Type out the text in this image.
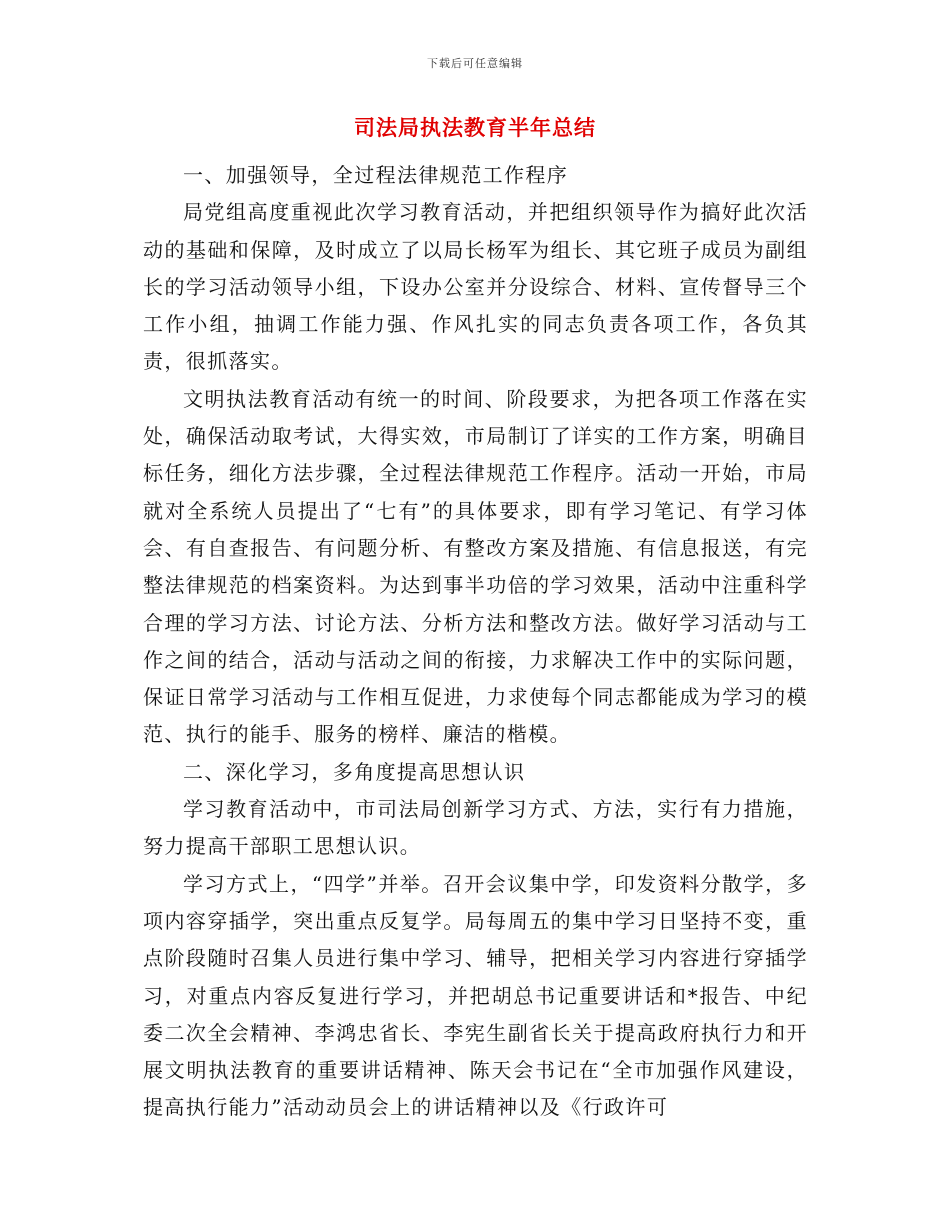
下载后可任意编辑
司法局执法教育半年总结

一、加强领导，全过程法律规范工作程序

局党组高度重视此次学习教育活动，并把组织领导作为搞好此次活动的基础和保障，及时成立了以局长杨军为组长、其它班子成员为副组长的学习活动领导小组，下设办公室并分设综合、材料、宣传督导三个工作小组，抽调工作能力强、作风扎实的同志负责各项工作，各负其责，很抓落实。

文明执法教育活动有统一的时间、阶段要求，为把各项工作落在实处，确保活动取考试，大得实效，市局制订了详实的工作方案，明确目标任务，细化方法步骤，全过程法律规范工作程序。活动一开始，市局就对全系统人员提出了“七有”的具体要求，即有学习笔记、有学习体会、有自查报告、有问题分析、有整改方案及措施、有信息报送，有完整法律规范的档案资料。为达到事半功倍的学习效果，活动中注重科学合理的学习方法、讨论方法、分析方法和整改方法。做好学习活动与工作之间的结合，活动与活动之间的衔接，力求解决工作中的实际问题，保证日常学习活动与工作相互促进，力求使每个同志都能成为学习的模范、执行的能手、服务的榜样、廉洁的楷模。

二、深化学习，多角度提高思想认识

学习教育活动中，市司法局创新学习方式、方法，实行有力措施，努力提高干部职工思想认识。

学习方式上，“四学”并举。召开会议集中学，印发资料分散学，多项内容穿插学，突出重点反复学。局每周五的集中学习日坚持不变，重点阶段随时召集人员进行集中学习、辅导，把相关学习内容进行穿插学习，对重点内容反复进行学习，并把胡总书记重要讲话和*报告、中纪委二次全会精神、李鸿忠省长、李宪生副省长关于提高政府执行力和开展文明执法教育的重要讲话精神、陈天会书记在“全市加强作风建设，提高执行能力”活动动员会上的讲话精神以及《行政许可
